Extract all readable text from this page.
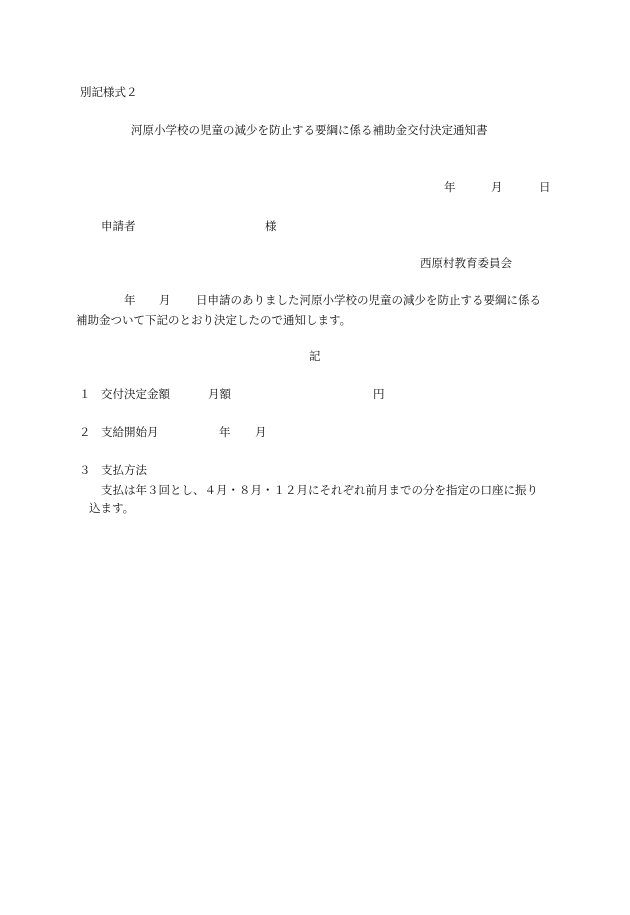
別記様式２
河原小学校の児童の減少を防止する要綱に係る補助金交付決定通知書
年	月	日
申請者	様
西原村教育委員会
年 月 日申請のありました河原小学校の児童の減少を防止する要綱に係る
補助金ついて下記のとおり決定したので通知します。
記
１ 交付決定金額	月額	円
２ 支給開始月	年 月
３ 支払方法
支払は年３回とし、４月・８月・１２月にそれぞれ前月までの分を指定の口座に振り
込ます。
